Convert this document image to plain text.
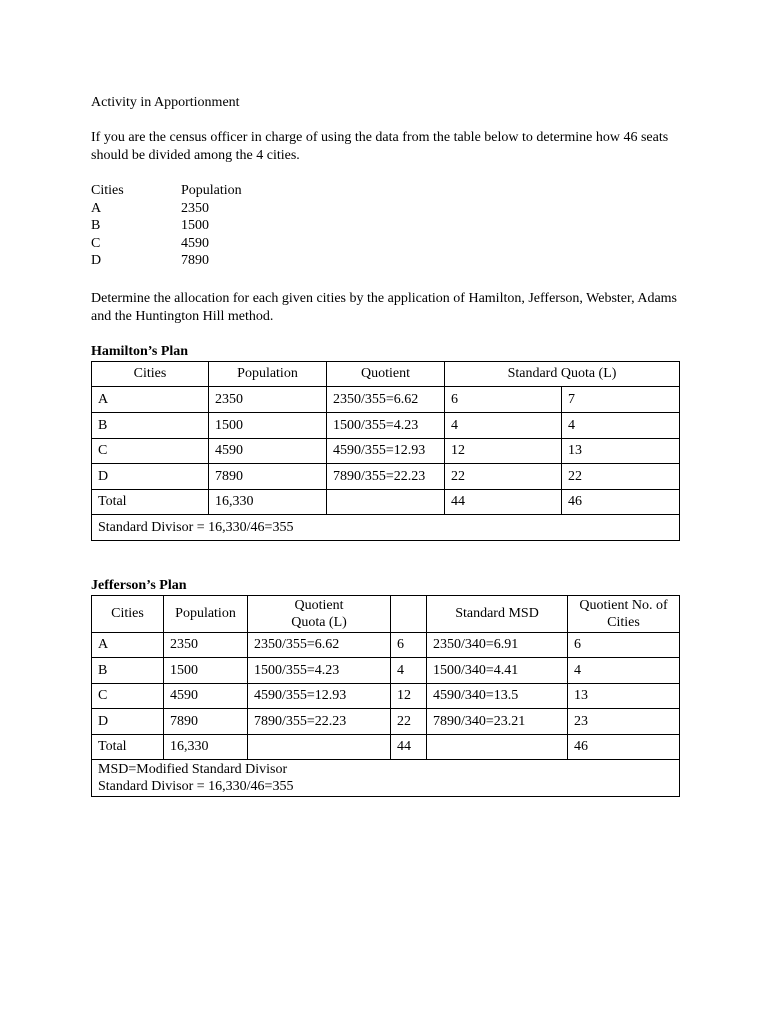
Activity in Apportionment

If you are the census officer in charge of using the data from the table below to determine how 46 seats should be divided among the 4 cities.

Cities	Population
A	2350
B	1500
C	4590
D	7890

Determine the allocation for each given cities by the application of Hamilton, Jefferson, Webster, Adams and the Huntington Hill method.

Hamilton’s Plan

Cities	Population	Quotient	Standard Quota (L)	
A	2350	2350/355=6.62	6	7
B	1500	1500/355=4.23	4	4
C	4590	4590/355=12.93	12	13
D	7890	7890/355=22.23	22	22
Total	16,330		44	46
Standard Divisor = 16,330/46=355				

Jefferson’s Plan

Cities	Population	Quotient Quota (L)		Standard MSD	Quotient No. of Cities
A	2350	2350/355=6.62	6	2350/340=6.91	6
B	1500	1500/355=4.23	4	1500/340=4.41	4
C	4590	4590/355=12.93	12	4590/340=13.5	13
D	7890	7890/355=22.23	22	7890/340=23.21	23
Total	16,330		44		46

MSD=Modified Standard Divisor
Standard Divisor = 16,330/46=355					
